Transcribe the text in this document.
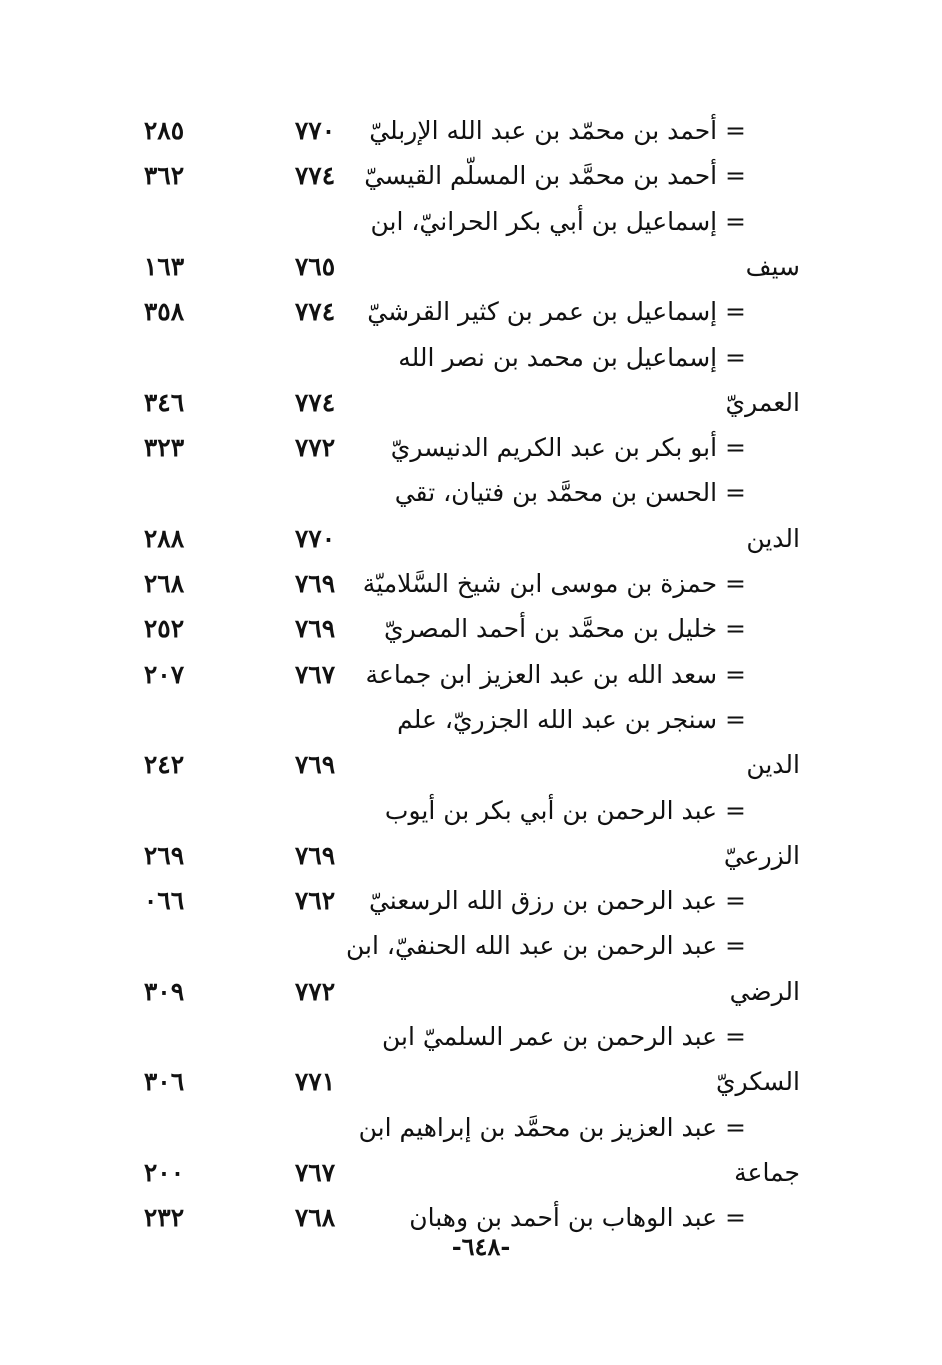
= أحمد بن محمّد بن عبد الله الإربليّ
٧٧٠
٢٨٥
= أحمد بن محمَّد بن المسلّم القيسيّ
٧٧٤
٣٦٢
= إسماعيل بن أبي بكر الحرانيّ، ابن
سيف
٧٦٥
١٦٣
= إسماعيل بن عمر بن كثير القرشيّ
٧٧٤
٣٥٨
= إسماعيل بن محمد بن نصر الله
العمريّ
٧٧٤
٣٤٦
= أبو بكر بن عبد الكريم الدنيسريّ
٧٧٢
٣٢٣
= الحسن بن محمَّد بن فتيان، تقي
الدين
٧٧٠
٢٨٨
= حمزة بن موسى ابن شيخ السَّلاميّة
٧٦٩
٢٦٨
= خليل بن محمَّد بن أحمد المصريّ
٧٦٩
٢٥٢
= سعد الله بن عبد العزيز ابن جماعة
٧٦٧
٢٠٧
= سنجر بن عبد الله الجزريّ، علم
الدين
٧٦٩
٢٤٢
= عبد الرحمن بن أبي بكر بن أيوب
الزرعيّ
٧٦٩
٢٦٩
= عبد الرحمن بن رزق الله الرسعنيّ
٧٦٢
٠٦٦
= عبد الرحمن بن عبد الله الحنفيّ، ابن
الرضي
٧٧٢
٣٠٩
= عبد الرحمن بن عمر السلميّ ابن
السكريّ
٧٧١
٣٠٦
= عبد العزيز بن محمَّد بن إبراهيم ابن
جماعة
٧٦٧
٢٠٠
= عبد الوهاب بن أحمد بن وهبان
٧٦٨
٢٣٢
-٦٤٨-
